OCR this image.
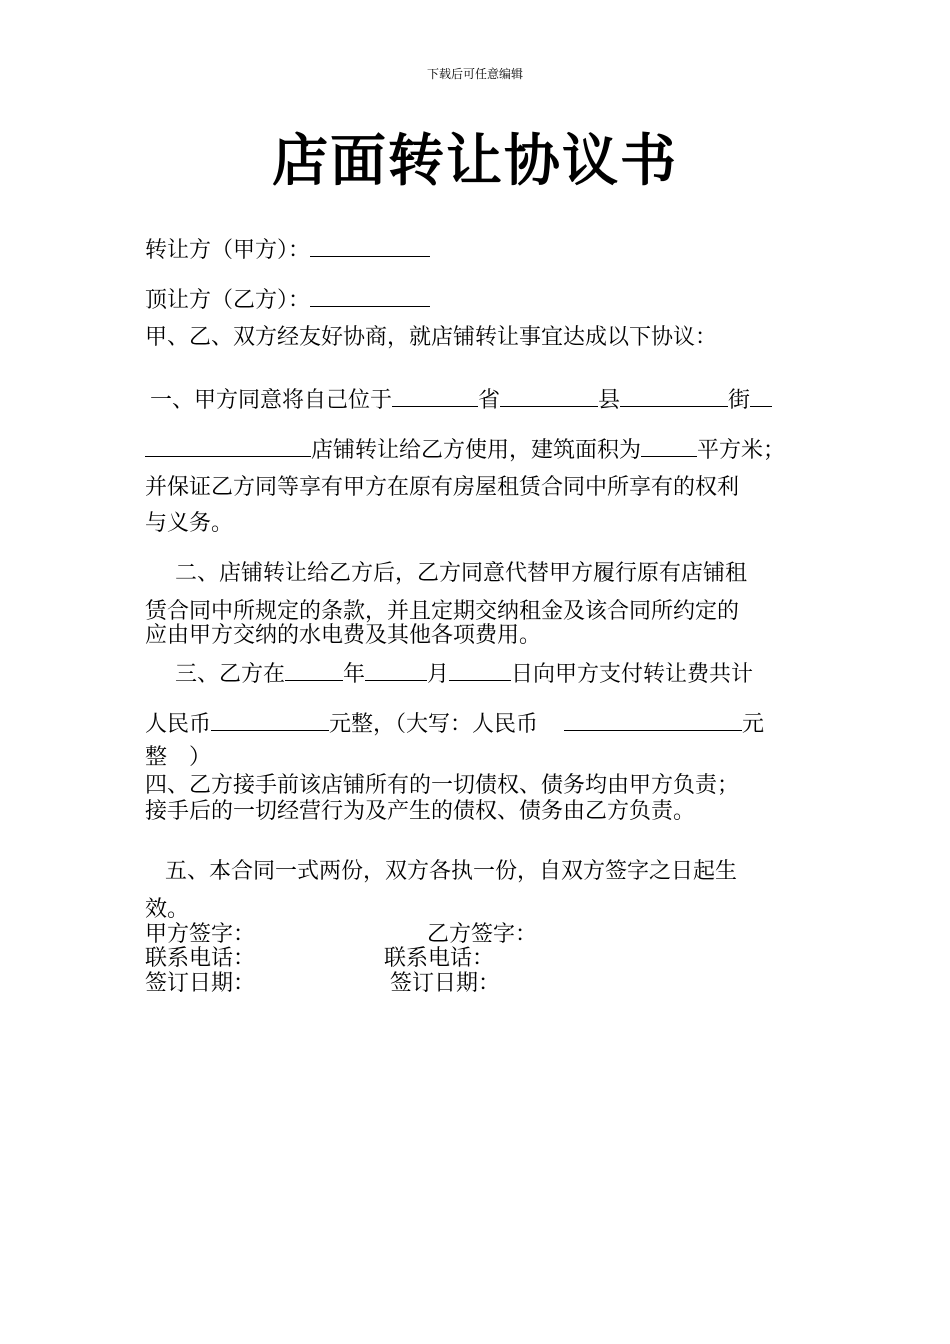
下载后可任意编辑
店面转让协议书
转让方（甲方）：
顶让方（乙方）：
甲、乙、双方经友好协商，就店铺转让事宜达成以下协议：
一、甲方同意将自己位于	省	县	街
店铺转让给乙方使用，建筑面积为	平方米；
并保证乙方同等享有甲方在原有房屋租赁合同中所享有的权利
与义务。
二、店铺转让给乙方后，乙方同意代替甲方履行原有店铺租
赁合同中所规定的条款，并且定期交纳租金及该合同所约定的
应由甲方交纳的水电费及其他各项费用。
三、乙方在	年	月	日向甲方支付转让费共计
人民币	元整，（大写：人民币	元
整　）
四、乙方接手前该店铺所有的一切债权、债务均由甲方负责；
接手后的一切经营行为及产生的债权、债务由乙方负责。
五、本合同一式两份，双方各执一份，自双方签字之日起生
效。
甲方签字：	乙方签字：
联系电话：	联系电话：
签订日期：	签订日期：
